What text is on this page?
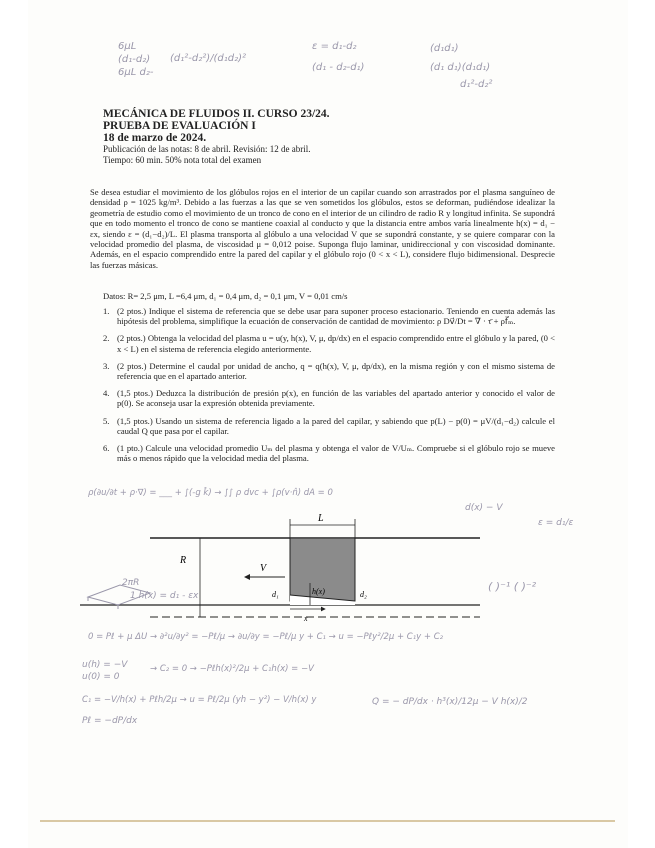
6μL
(d₁-d₂)
6μL d₂-
(d₁²-d₂²)/(d₁d₂)²
ε = d₁-d₂
(d₁ - d₂-d₁)
(d₁d₁)
(d₁ d₁)(d₁d₁)
d₁²-d₂²

MECÁNICA DE FLUIDOS II. CURSO 23/24.

PRUEBA DE EVALUACIÓN I

18 de marzo de 2024.

Publicación de las notas: 8 de abril. Revisión: 12 de abril.

Tiempo: 60 min. 50% nota total del examen

Se desea estudiar el movimiento de los glóbulos rojos en el interior de un capilar cuando son arrastrados por el plasma sanguíneo de densidad ρ = 1025 kg/m³. Debido a las fuerzas a las que se ven sometidos los glóbulos, estos se deforman, pudiéndose idealizar la geometría de estudio como el movimiento de un tronco de cono en el interior de un cilindro de radio R y longitud infinita. Se supondrá que en todo momento el tronco de cono se mantiene coaxial al conducto y que la distancia entre ambos varía linealmente h(x) = d₁ − εx, siendo ε = (d₁−d₂)/L. El plasma transporta al glóbulo a una velocidad V que se supondrá constante, y se quiere comparar con la velocidad promedio del plasma, de viscosidad μ = 0,012 poise. Suponga flujo laminar, unidireccional y con viscosidad dominante. Además, en el espacio comprendido entre la pared del capilar y el glóbulo rojo (0 < x < L), considere flujo bidimensional. Desprecie las fuerzas másicas.
Datos: R= 2,5 μm, L =6,4 μm, d₁ = 0,4 μm, d₂ = 0,1 μm, V = 0,01 cm/s
1. (2 ptos.) Indique el sistema de referencia que se debe usar para suponer proceso estacionario. Teniendo en cuenta además las hipótesis del problema, simplifique la ecuación de conservación de cantidad de movimiento: ρ Dv⃗/Dt = ∇ · τ̄ + ρf⃗ₘ.
2. (2 ptos.) Obtenga la velocidad del plasma u = u(y, h(x), V, μ, dp/dx) en el espacio comprendido entre el glóbulo y la pared, (0 < x < L) en el sistema de referencia elegido anteriormente.
3. (2 ptos.) Determine el caudal por unidad de ancho, q = q(h(x), V, μ, dp/dx), en la misma región y con el mismo sistema de referencia que en el apartado anterior.
4. (1,5 ptos.) Deduzca la distribución de presión p(x), en función de las variables del apartado anterior y conocido el valor de p(0). Se aconseja usar la expresión obtenida previamente.
5. (1,5 ptos.) Usando un sistema de referencia ligado a la pared del capilar, y sabiendo que p(L) − p(0) = μV/(d₁−d₂) calcule el caudal Q que pasa por el capilar.
6. (1 pto.) Calcule una velocidad promedio Uₘ del plasma y obtenga el valor de V/Uₘ. Compruebe si el glóbulo rojo se mueve más o menos rápido que la velocidad media del plasma.
ρ(∂u/∂t + ρ·∇) = ___ + ∫(-g k̂) → ∫∫ ρ dvc + ∫ρ(v·n̂) dA = 0
d(x) − V
ε = d₁/ε
L
R
V
h(x)
d₁	d₂
x
2πR
1 h(x) = d₁ - εx
( )⁻¹ ( )⁻²
0 = Pℓ + μ ΔU → ∂²u/∂y² = −Pℓ/μ → ∂u/∂y = −Pℓ/μ y + C₁ → u = −Pℓy²/2μ + C₁y + C₂
u(h) = −V
u(0) = 0
→ C₂ = 0 → −Pℓh(x)²/2μ + C₁h(x) = −V
C₁ = −V/h(x) + Pℓh/2μ → u = Pℓ/2μ (yh − y²) − V/h(x) y	Q = − dP/dx · h³(x)/12μ − V h(x)/2
Pℓ = −dP/dx
